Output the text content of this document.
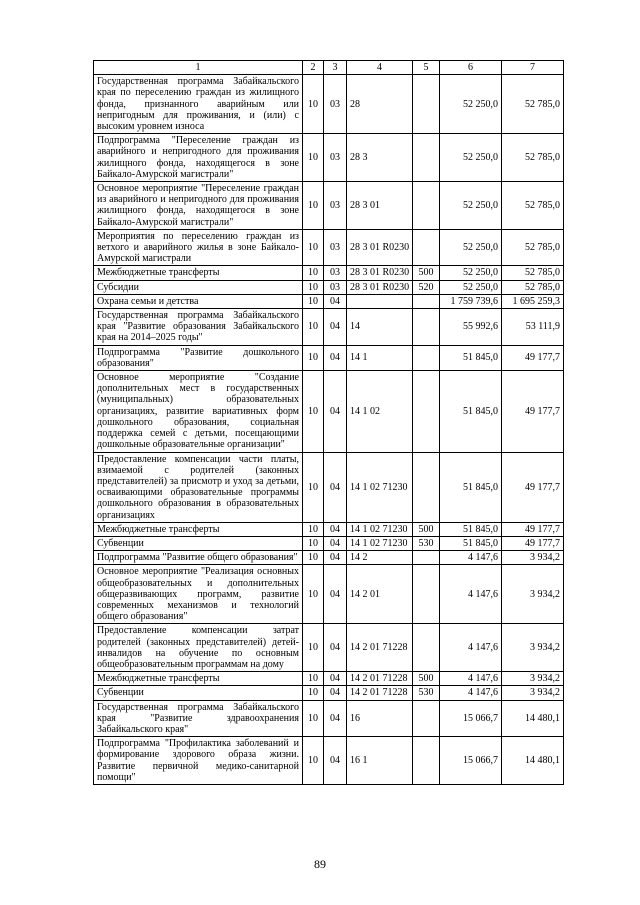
1	2	3	4	5	6	7
Государственная программа Забайкальского края по переселению граждан из жилищного фонда, признанного аварийным или непригодным для проживания, и (или) с высоким уровнем износа	10	03	28		52 250,0	52 785,0
Подпрограмма "Переселение граждан из аварийного и непригодного для проживания жилищного фонда, находящегося в зоне Байкало-Амурской магистрали"	10	03	28 3		52 250,0	52 785,0
Основное мероприятие "Переселение граждан из аварийного и непригодного для проживания жилищного фонда, находящегося в зоне Байкало-Амурской магистрали"	10	03	28 3 01		52 250,0	52 785,0
Мероприятия по переселению граждан из ветхого и аварийного жилья в зоне Байкало-Амурской магистрали	10	03	28 3 01 R0230		52 250,0	52 785,0
Межбюджетные трансферты	10	03	28 3 01 R0230	500	52 250,0	52 785,0
Субсидии	10	03	28 3 01 R0230	520	52 250,0	52 785,0
Охрана семьи и детства	10	04			1 759 739,6	1 695 259,3
Государственная программа Забайкальского края "Развитие образования Забайкальского края на 2014–2025 годы"	10	04	14		55 992,6	53 111,9
Подпрограмма "Развитие дошкольного образования"	10	04	14 1		51 845,0	49 177,7
Основное мероприятие "Создание дополнительных мест в государственных (муниципальных) образовательных организациях, развитие вариативных форм дошкольного образования, социальная поддержка семей с детьми, посещающими дошкольные образовательные организации"	10	04	14 1 02		51 845,0	49 177,7
Предоставление компенсации части платы, взимаемой с родителей (законных представителей) за присмотр и уход за детьми, осваивающими образовательные программы дошкольного образования в образовательных организациях	10	04	14 1 02 71230		51 845,0	49 177,7
Межбюджетные трансферты	10	04	14 1 02 71230	500	51 845,0	49 177,7
Субвенции	10	04	14 1 02 71230	530	51 845,0	49 177,7
Подпрограмма "Развитие общего образования"	10	04	14 2		4 147,6	3 934,2
Основное мероприятие "Реализация основных общеобразовательных и дополнительных общеразвивающих программ, развитие современных механизмов и технологий общего образования"	10	04	14 2 01		4 147,6	3 934,2
Предоставление компенсации затрат родителей (законных представителей) детей-инвалидов на обучение по основным общеобразовательным программам на дому	10	04	14 2 01 71228		4 147,6	3 934,2
Межбюджетные трансферты	10	04	14 2 01 71228	500	4 147,6	3 934,2
Субвенции	10	04	14 2 01 71228	530	4 147,6	3 934,2
Государственная программа Забайкальского края "Развитие здравоохранения Забайкальского края"	10	04	16		15 066,7	14 480,1
Подпрограмма "Профилактика заболеваний и формирование здорового образа жизни. Развитие первичной медико-санитарной помощи"	10	04	16 1		15 066,7	14 480,1
89
